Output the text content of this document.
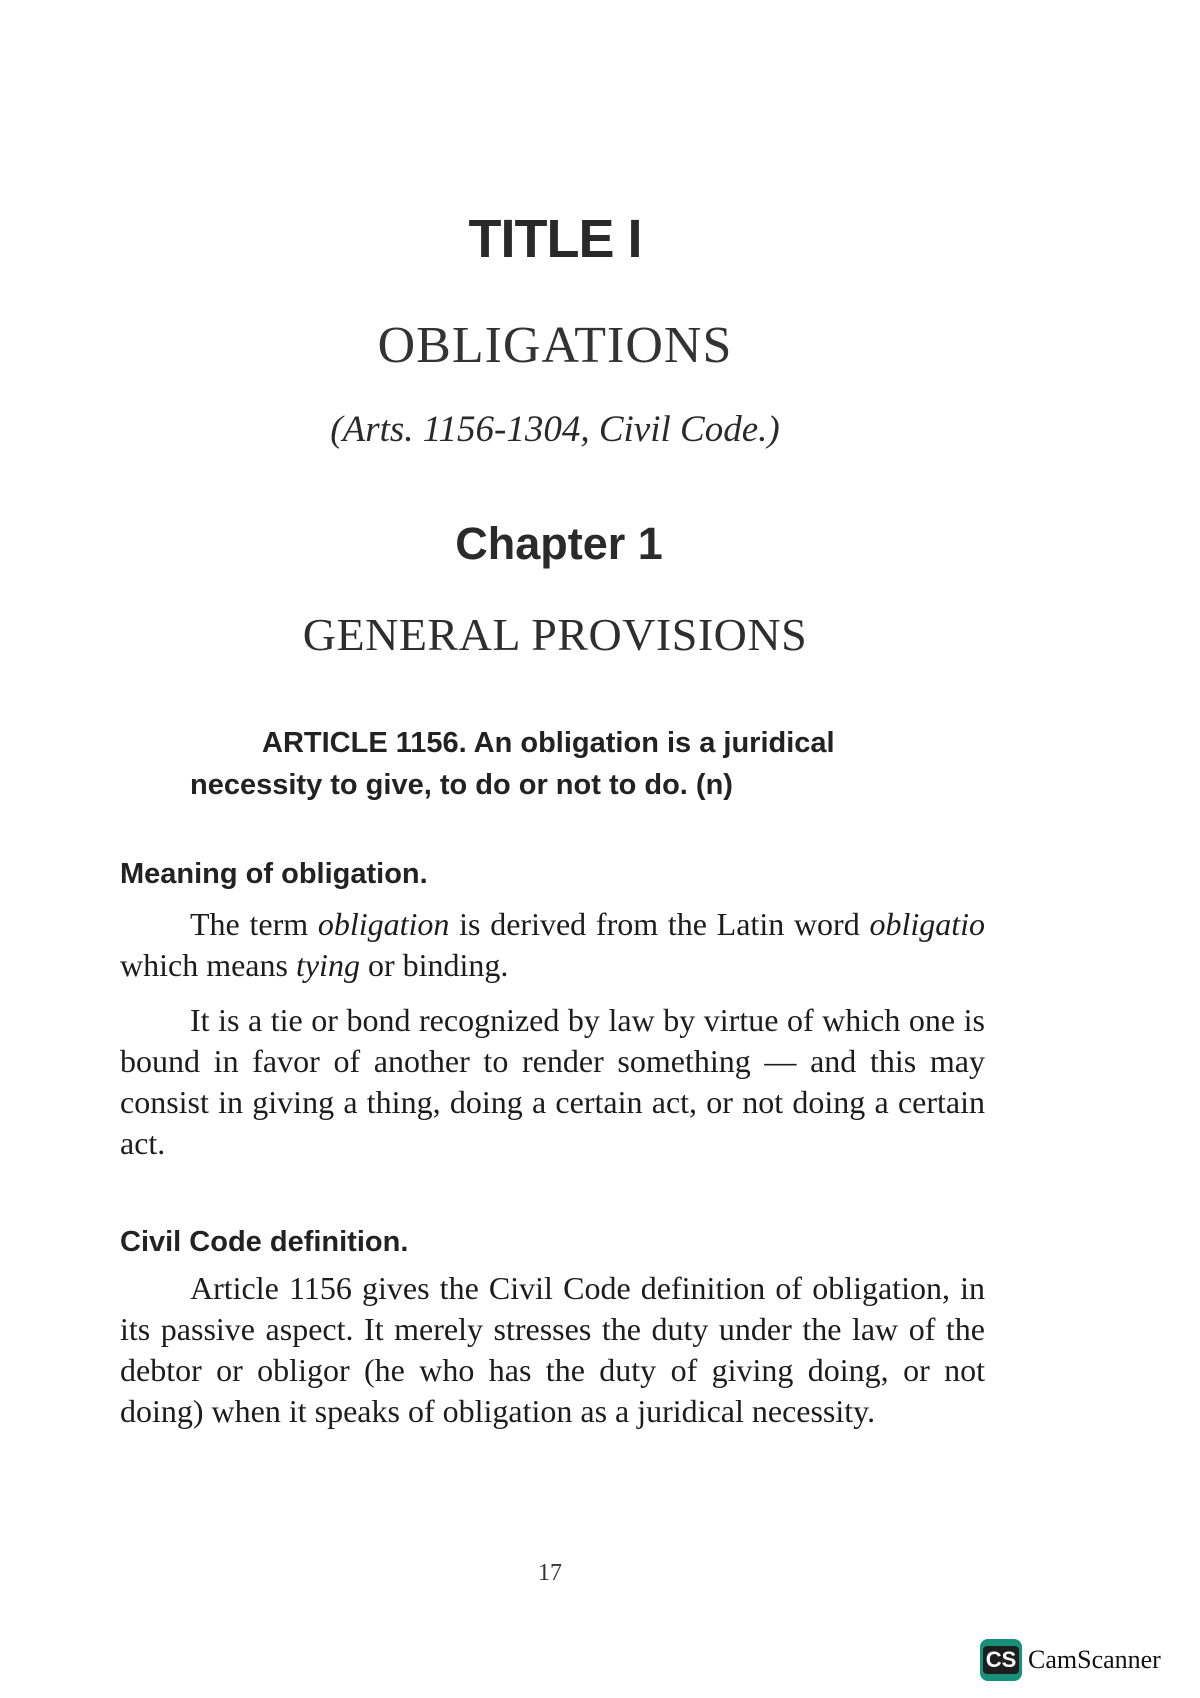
TITLE I
OBLIGATIONS
(Arts. 1156-1304, Civil Code.)
Chapter 1
GENERAL PROVISIONS
ARTICLE 1156. An obligation is a juridical
necessity to give, to do or not to do. (n)
Meaning of obligation.
The term obligation is derived from the Latin word obligatio which means tying or binding.
It is a tie or bond recognized by law by virtue of which one is bound in favor of another to render something — and this may consist in giving a thing, doing a certain act, or not doing a certain act.
Civil Code definition.
Article 1156 gives the Civil Code definition of obligation, in its passive aspect. It merely stresses the duty under the law of the debtor or obligor (he who has the duty of giving doing, or not doing) when it speaks of obligation as a juridical necessity.
17
CS CamScanner
